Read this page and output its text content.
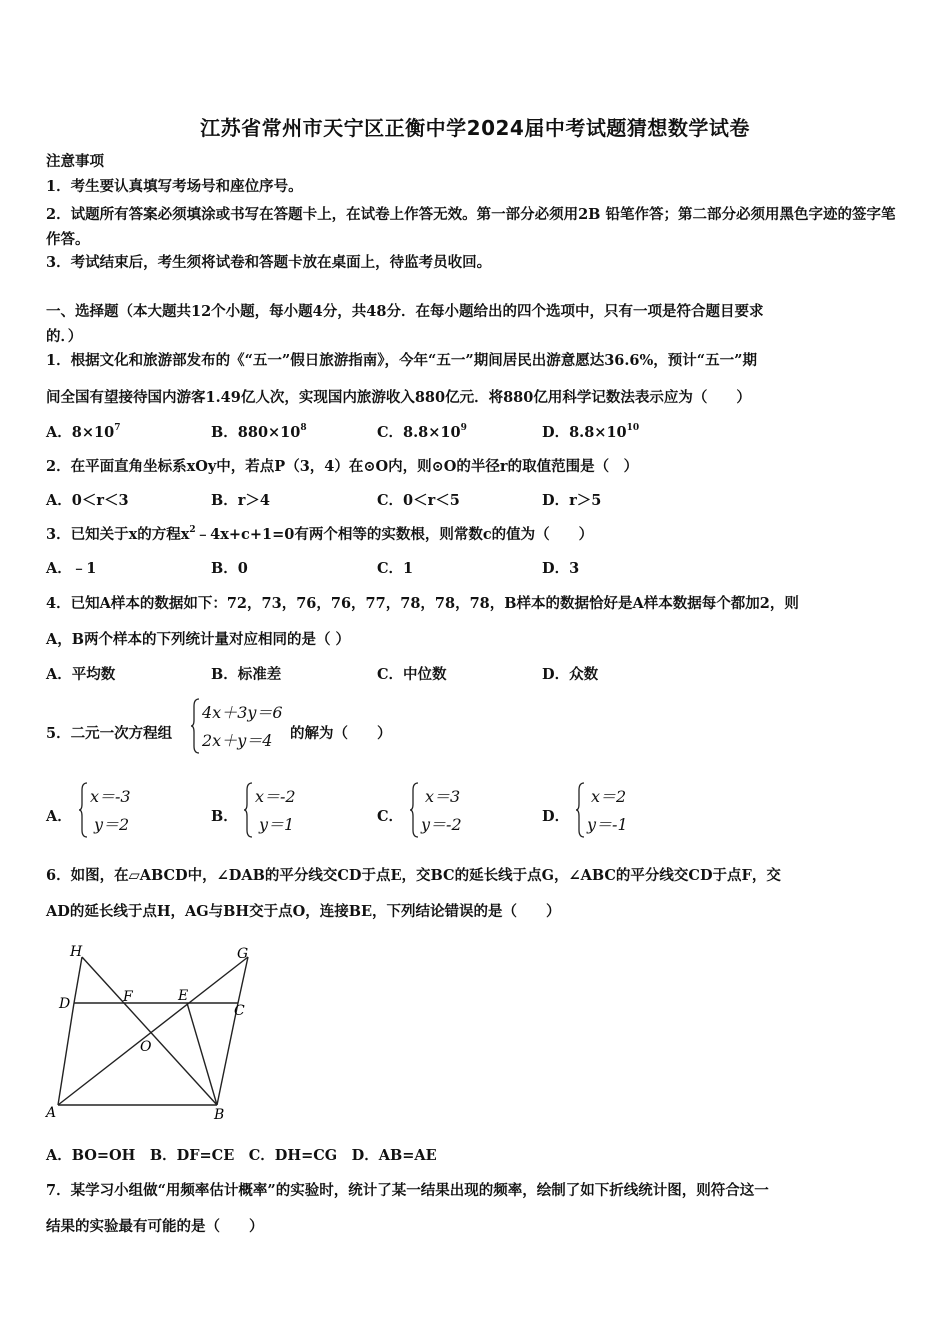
江苏省常州市天宁区正衡中学2024届中考试题猜想数学试卷
注意事项
1．考生要认真填写考场号和座位序号。
2．试题所有答案必须填涂或书写在答题卡上，在试卷上作答无效。第一部分必须用2B 铅笔作答；第二部分必须用黑色字迹的签字笔作答。
3．考试结束后，考生须将试卷和答题卡放在桌面上，待监考员收回。
一、选择题（本大题共12个小题，每小题4分，共48分．在每小题给出的四个选项中，只有一项是符合题目要求
的．）
1．根据文化和旅游部发布的《“五一”假日旅游指南》，今年“五一”期间居民出游意愿达36.6%，预计“五一”期
间全国有望接待国内游客1.49亿人次，实现国内旅游收入880亿元．将880亿用科学记数法表示应为（　　）
A．$8\times 10^7$	B．$880\times 10^8$	C．$8.8\times 10^9$	D．$8.8\times 10^{10}$
2．在平面直角坐标系xOy中，若点P（3，4）在⊙O内，则⊙O的半径r的取值范围是（　）
A．0＜r＜3	B．r＞4	C．0＜r＜5	D．r＞5
3．已知关于x的方程$x^2﹣4x+c+1=0$有两个相等的实数根，则常数c的值为（　　）
A．﹣1	B．0	C．1	D．3
4．已知A样本的数据如下：72，73，76，76，77，78，78，78，B样本的数据恰好是A样本数据每个都加2，则
A，B两个样本的下列统计量对应相同的是（ ）
A．平均数	B．标准差	C．中位数	D．众数
5．二元一次方程组
4x＋3y＝6
2x＋y＝4 的解为（　　）
A．
x＝-3
y＝2	B．
x＝-2
y＝1	C．
x＝3
y＝-2	D．
x＝2
y＝-1
6．如图，在▱ABCD中，∠DAB的平分线交CD于点E，交BC的延长线于点G，∠ABC的平分线交CD于点F，交
AD的延长线于点H，AG与BH交于点O，连接BE，下列结论错误的是（　　）
H	G
D	F	E
C
O
A	B
A．BO=OH　B．DF=CE　C．DH=CG　D．AB=AE
7．某学习小组做“用频率估计概率”的实验时，统计了某一结果出现的频率，绘制了如下折线统计图，则符合这一
结果的实验最有可能的是（　　）
